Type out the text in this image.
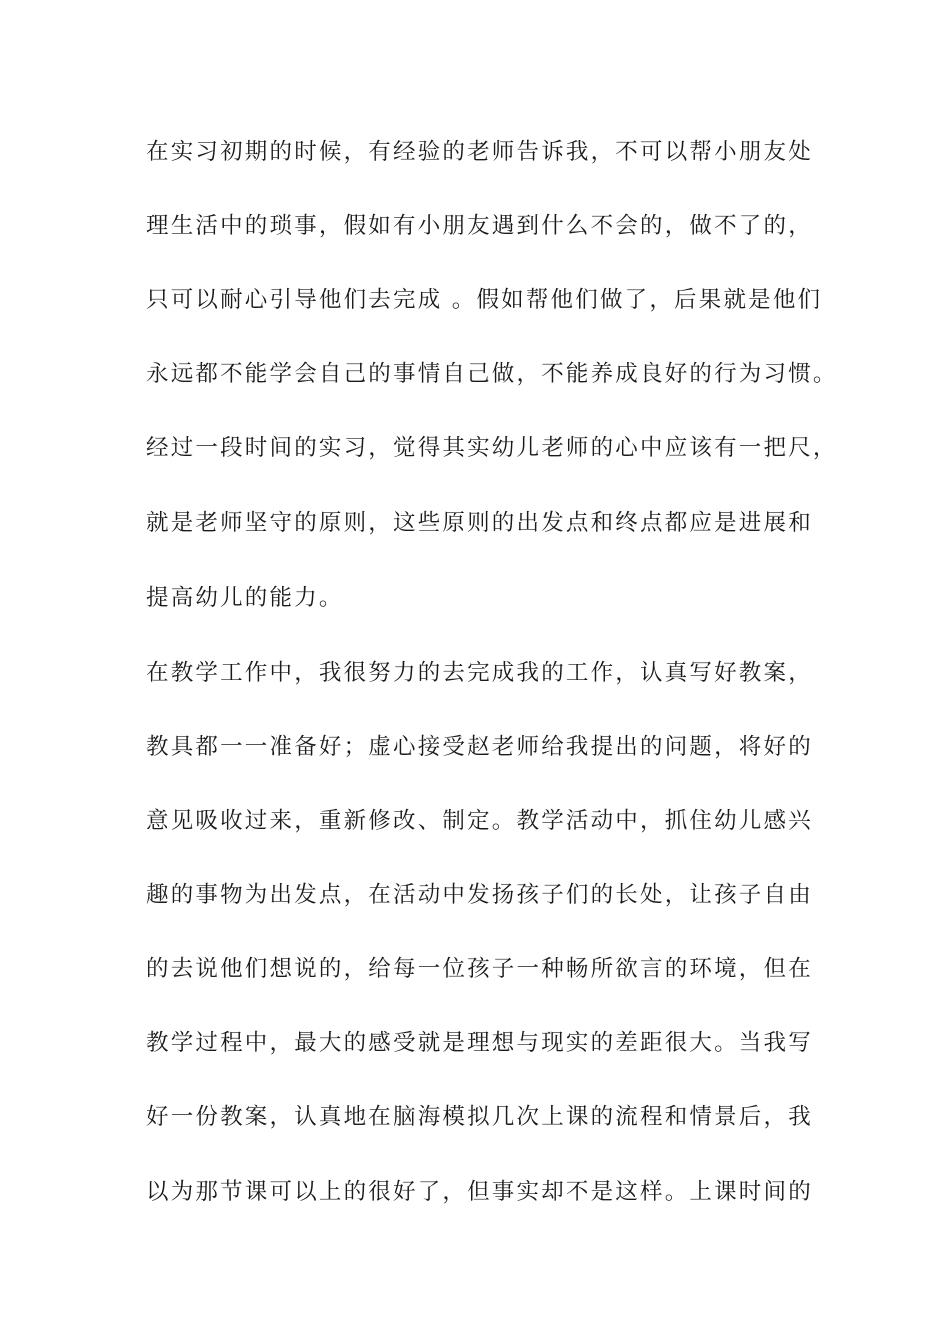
在实习初期的时候，有经验的老师告诉我，不可以帮小朋友处
理生活中的琐事，假如有小朋友遇到什么不会的，做不了的，
只可以耐心引导他们去完成 。假如帮他们做了，后果就是他们
永远都不能学会自己的事情自己做，不能养成良好的行为习惯。
经过一段时间的实习，觉得其实幼儿老师的心中应该有一把尺，
就是老师坚守的原则，这些原则的出发点和终点都应是进展和
提高幼儿的能力。
在教学工作中，我很努力的去完成我的工作，认真写好教案，
教具都一一准备好；虚心接受赵老师给我提出的问题，将好的
意见吸收过来，重新修改、制定。教学活动中，抓住幼儿感兴
趣的事物为出发点，在活动中发扬孩子们的长处，让孩子自由
的去说他们想说的，给每一位孩子一种畅所欲言的环境，但在
教学过程中，最大的感受就是理想与现实的差距很大。当我写
好一份教案，认真地在脑海模拟几次上课的流程和情景后，我
以为那节课可以上的很好了，但事实却不是这样。上课时间的
